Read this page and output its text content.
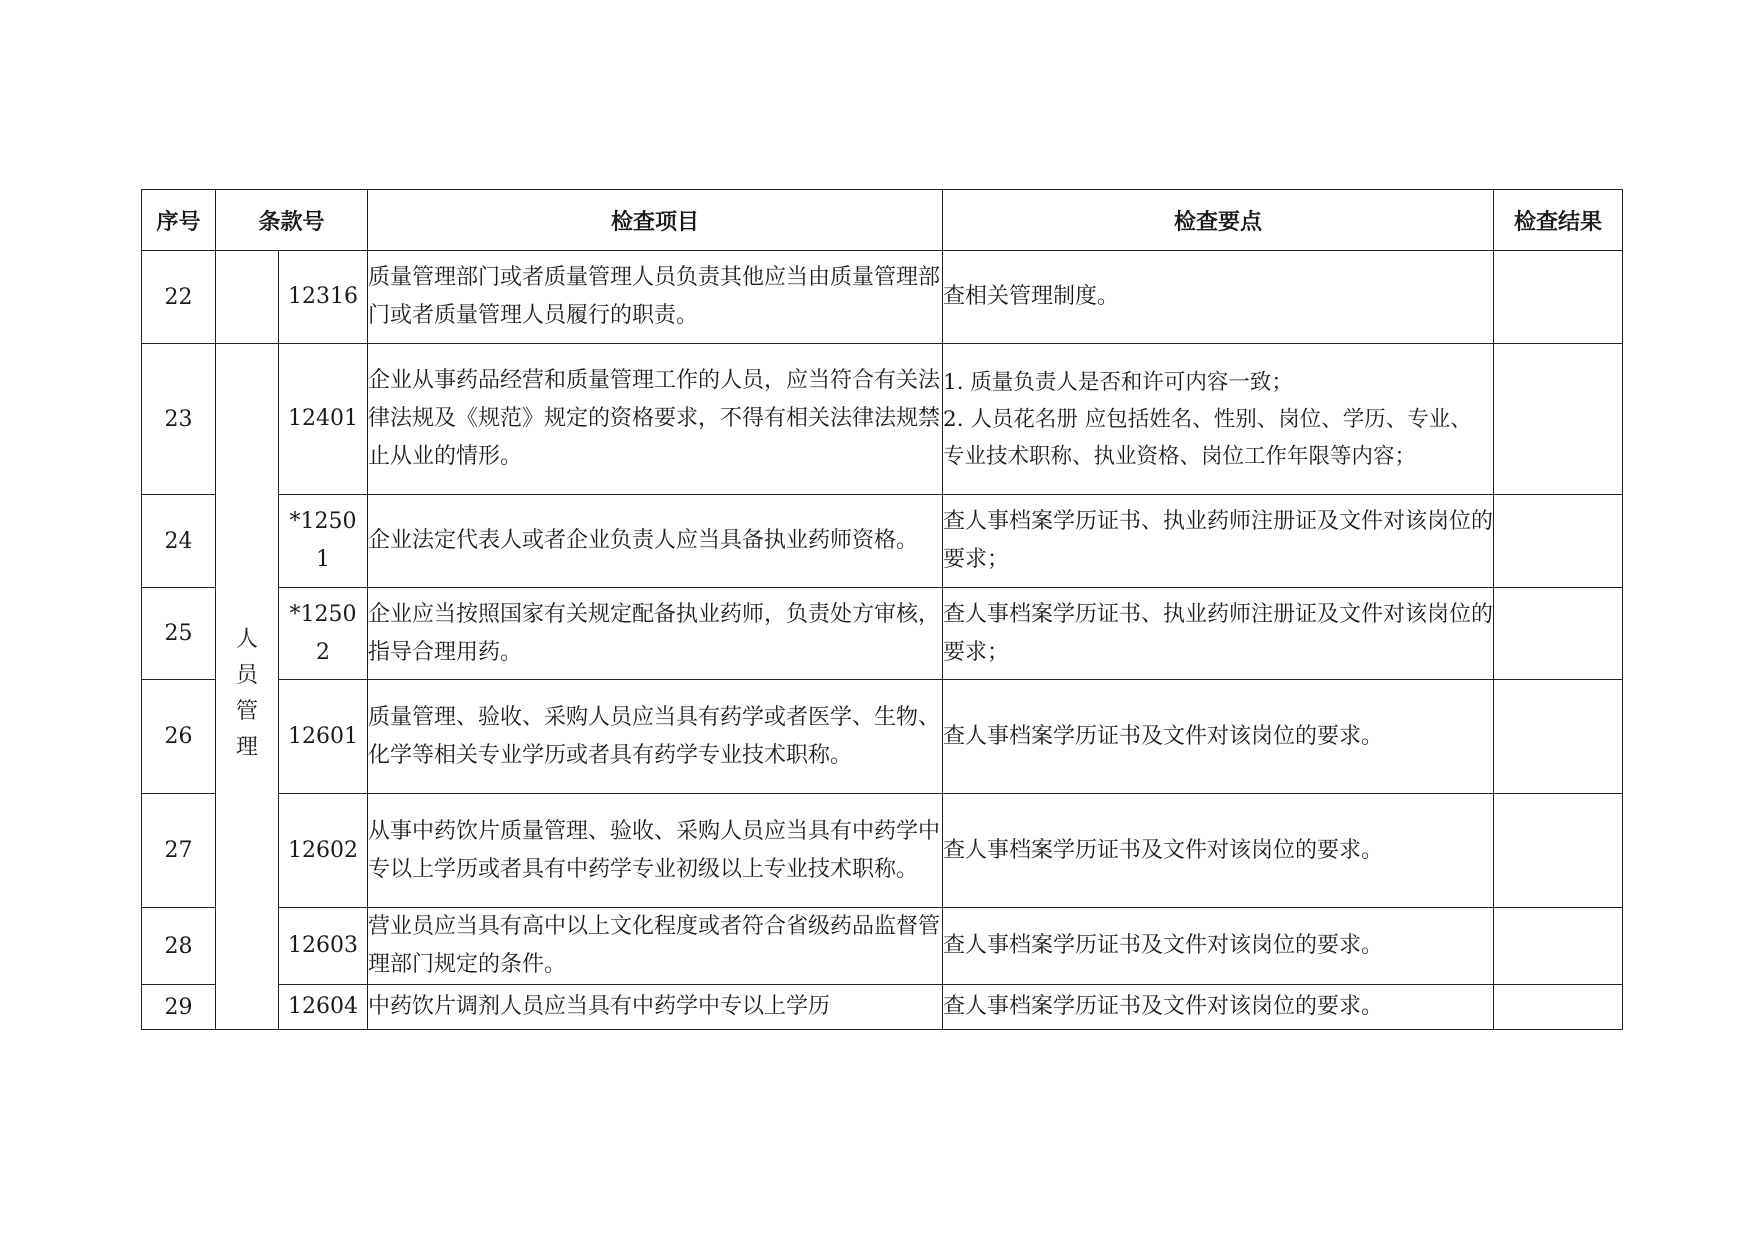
序号	条款号		检查项目	检查要点	检查结果
22		12316	质量管理部门或者质量管理人员负责其他应当由质量管理部门或者质量管理人员履行的职责。	查相关管理制度。	
23	人员管理	12401	企业从事药品经营和质量管理工作的人员，应当符合有关法律法规及《规范》规定的资格要求，不得有相关法律法规禁止从业的情形。	1. 质量负责人是否和许可内容一致；
2. 人员花名册 应包括姓名、性别、岗位、学历、专业、专业技术职称、执业资格、岗位工作年限等内容；	
24		*12501	企业法定代表人或者企业负责人应当具备执业药师资格。	查人事档案学历证书、执业药师注册证及文件对该岗位的要求；	
25		*12502	企业应当按照国家有关规定配备执业药师，负责处方审核，指导合理用药。	查人事档案学历证书、执业药师注册证及文件对该岗位的要求；	
26		12601	质量管理、验收、采购人员应当具有药学或者医学、生物、化学等相关专业学历或者具有药学专业技术职称。	查人事档案学历证书及文件对该岗位的要求。	
27		12602	从事中药饮片质量管理、验收、采购人员应当具有中药学中专以上学历或者具有中药学专业初级以上专业技术职称。	查人事档案学历证书及文件对该岗位的要求。	
28		12603	营业员应当具有高中以上文化程度或者符合省级药品监督管理部门规定的条件。	查人事档案学历证书及文件对该岗位的要求。	
29		12604	中药饮片调剂人员应当具有中药学中专以上学历	查人事档案学历证书及文件对该岗位的要求。	
